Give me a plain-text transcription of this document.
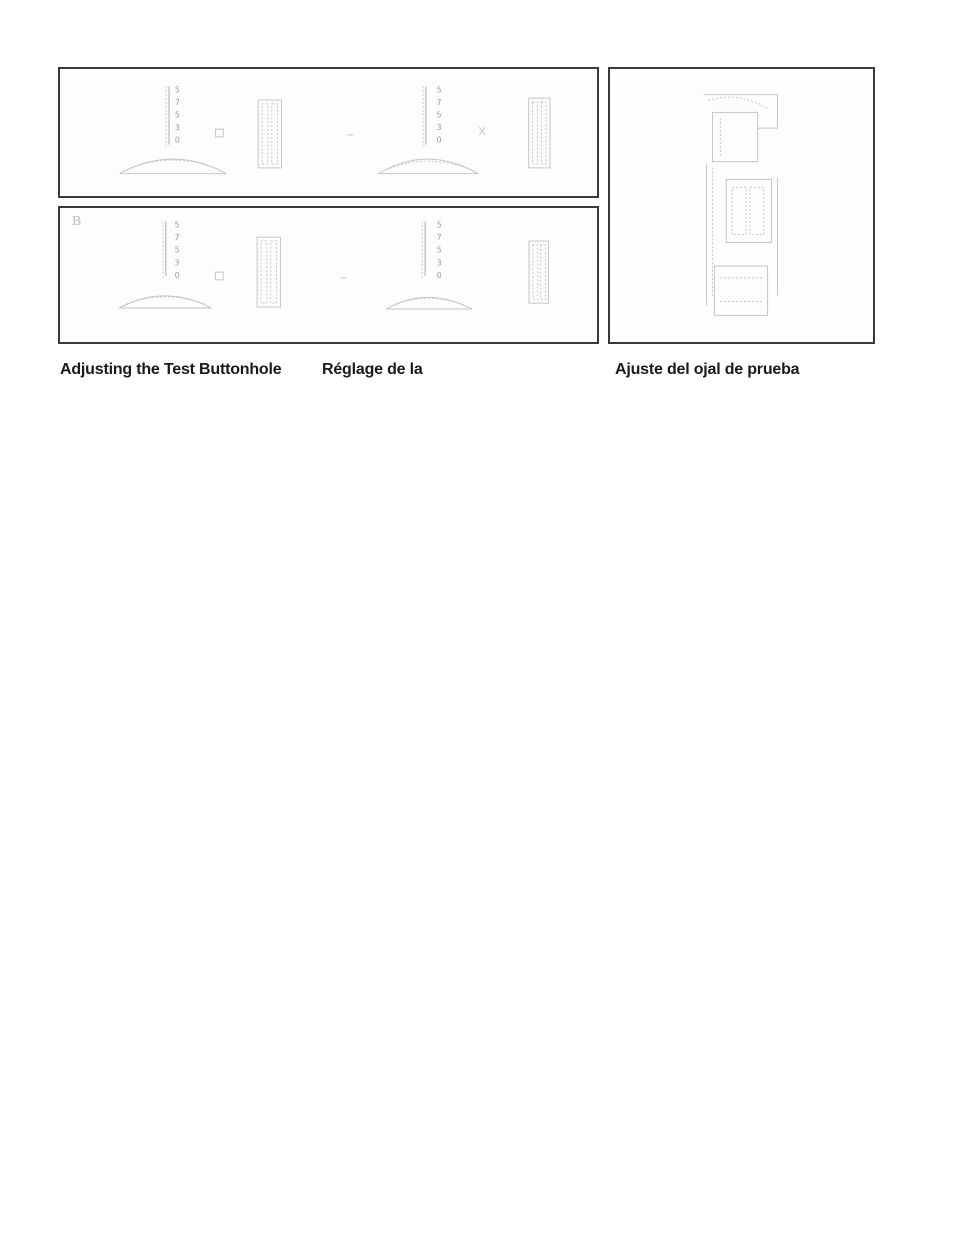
5
7
5
3
0
5
7
5
3
0
B	5
7
5
3
0
5
7
5
3
0
Adjusting the Test Buttonhole	Réglage de la	Ajuste del ojal de prueba
